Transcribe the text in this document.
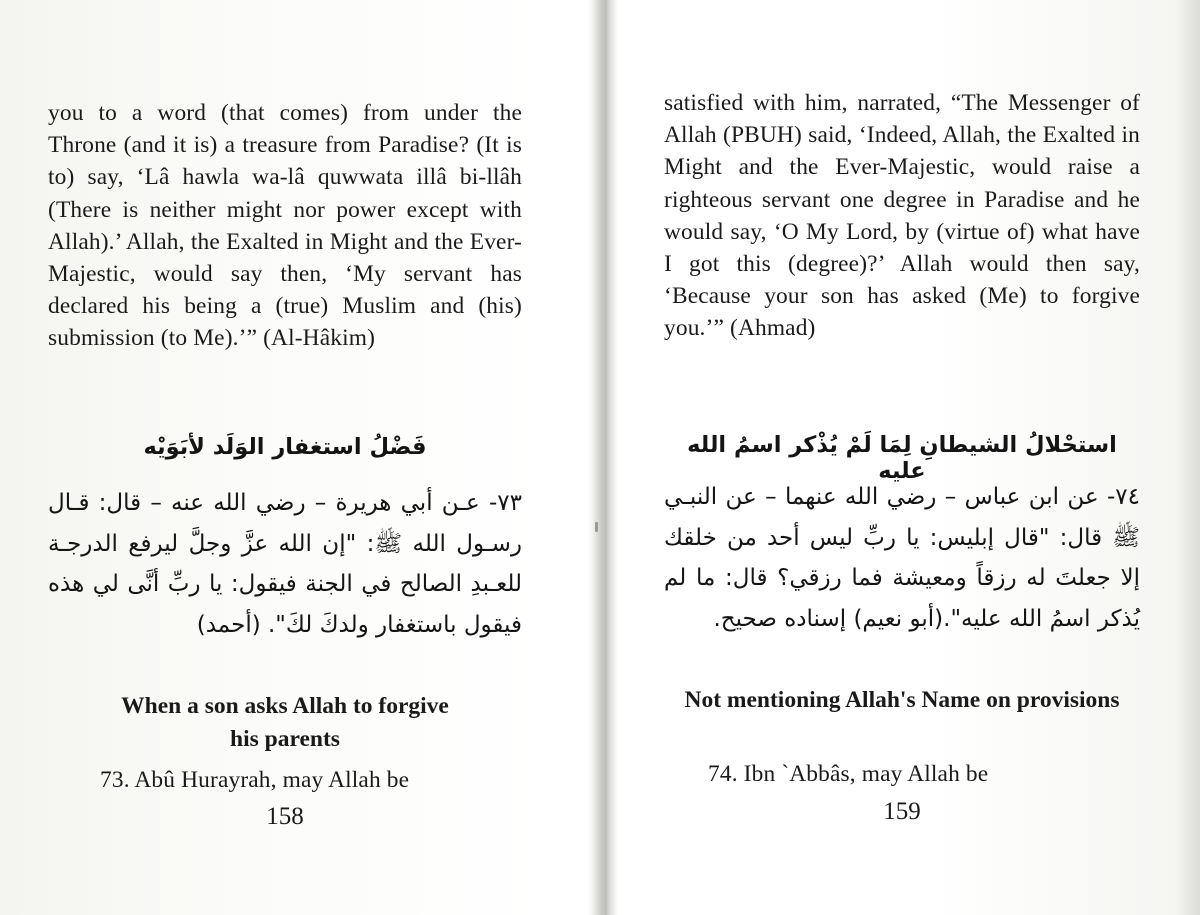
you to a word (that comes) from under the Throne (and it is) a treasure from Paradise? (It is to) say, ‘Lâ hawla wa-lâ quwwata illâ bi-llâh (There is neither might nor power except with Allah).’ Allah, the Exalted in Might and the Ever-Majestic, would say then, ‘My servant has declared his being a (true) Muslim and (his) submission (to Me).’” (Al-Hâkim)
فَضْلُ استغفار الوَلَد لأبَوَيْه
٧٣- عـن أبي هريرة – رضي الله عنه – قال: قـال رسـول الله ﷺ: "إن الله عزَّ وجلَّ ليرفع الدرجـة للعـبدِ الصالح في الجنة فيقول: يا ربِّ أنَّى لي هذه فيقول باستغفار ولدكَ لكَ". (أحمد)
When a son asks Allah to forgive his parents
73. Abû Hurayrah, may Allah be
158
satisfied with him, narrated, “The Messenger of Allah (PBUH) said, ‘Indeed, Allah, the Exalted in Might and the Ever-Majestic, would raise a righteous servant one degree in Paradise and he would say, ‘O My Lord, by (virtue of) what have I got this (degree)?’ Allah would then say, ‘Because your son has asked (Me) to forgive you.’” (Ahmad)
استحْلالُ الشيطانِ لِمَا لَمْ يُذْكر اسمُ الله عليه
٧٤- عن ابن عباس – رضي الله عنهما – عن النبـي ﷺ قال: "قال إبليس: يا ربِّ ليس أحد من خلقك إلا جعلتَ له رزقاً ومعيشة فما رزقي؟ قال: ما لم يُذكر اسمُ الله عليه".(أبو نعيم) إسناده صحيح.
Not mentioning Allah's Name on provisions
74. Ibn `Abbâs, may Allah be
159
